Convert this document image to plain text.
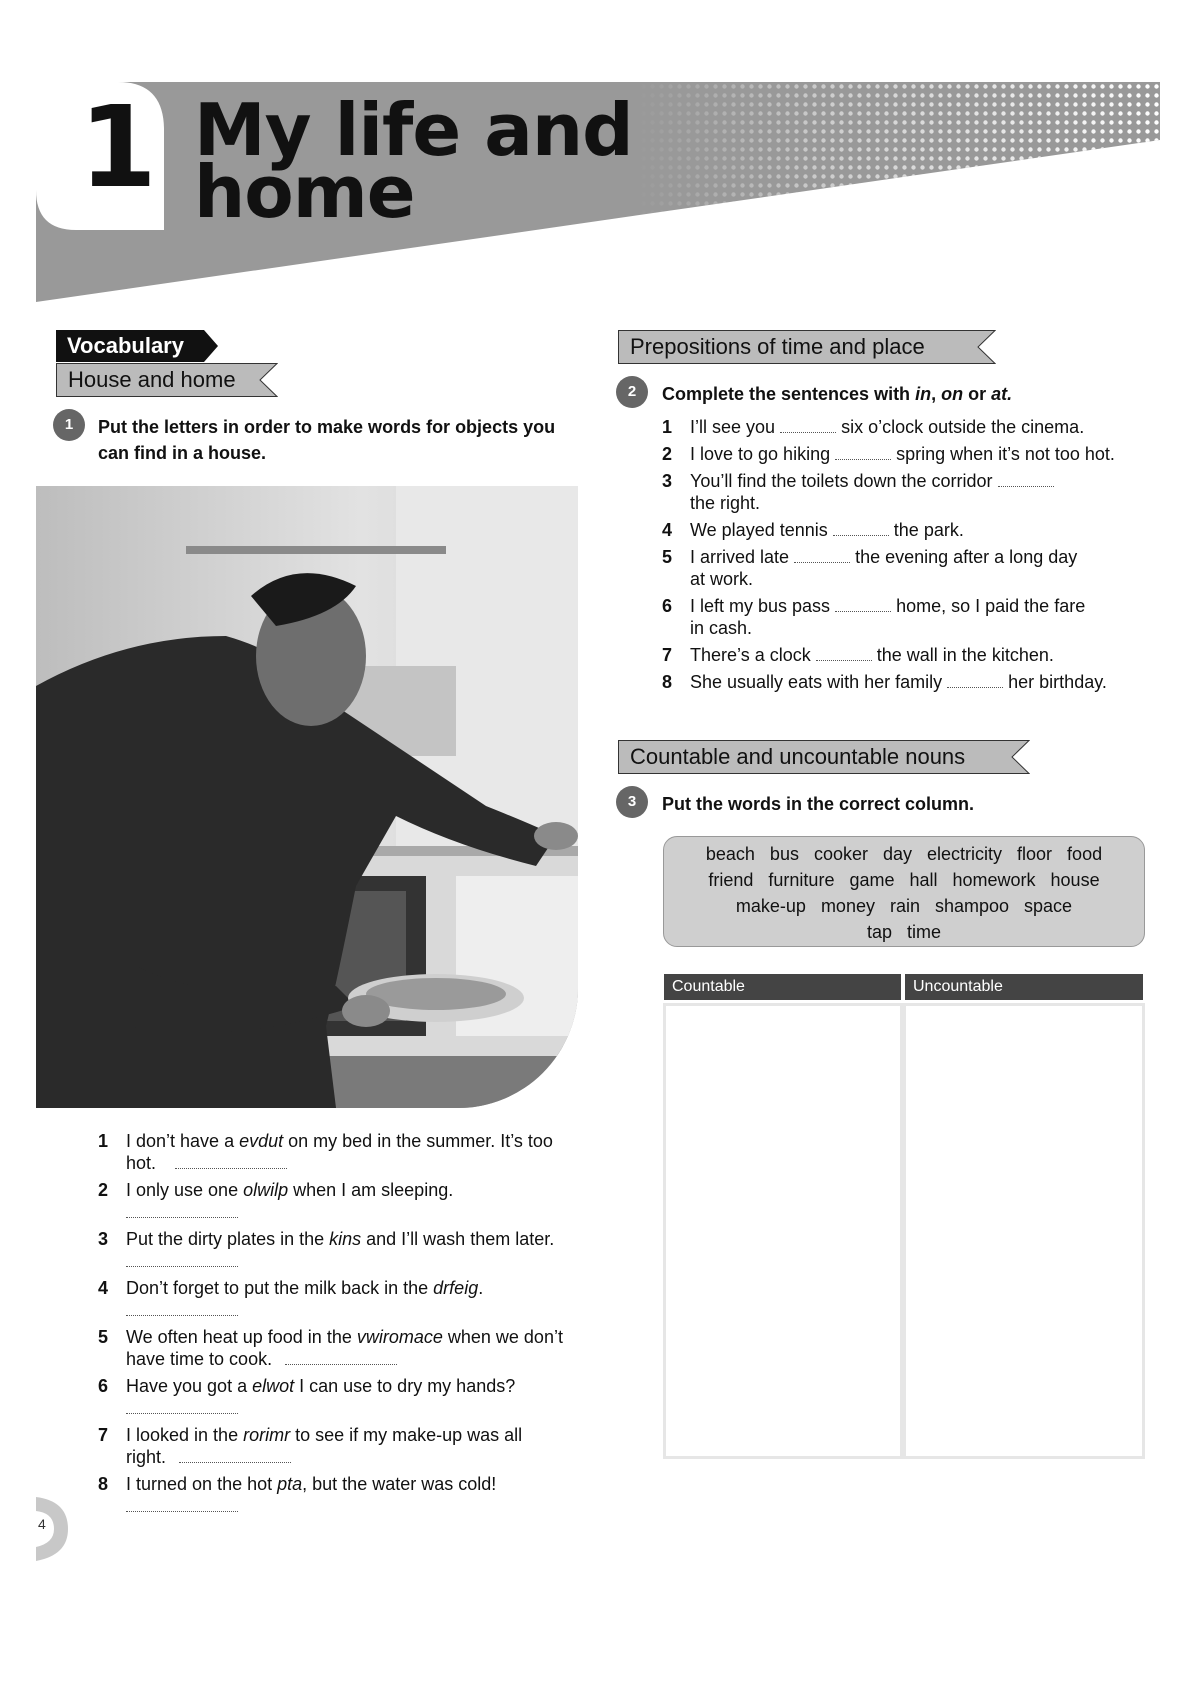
1 My life and
home
Vocabulary
House and home
1	Put the letters in order to make words for objects you
can find in a house.
1 I don’t have a evdut on my bed in the summer. It’s too
hot.
2 I only use one olwilp when I am sleeping.

3 Put the dirty plates in the kins and I’ll wash them later.

4 Don’t forget to put the milk back in the drfeig.

5 We often heat up food in the vwiromace when we don’t
have time to cook.
6 Have you got a elwot I can use to dry my hands?

7 I looked in the rorimr to see if my make-up was all
right.
8 I turned on the hot pta, but the water was cold!

4
Prepositions of time and place
2	Complete the sentences with in, on or at.
1 I’ll see you	six o’clock outside the cinema.
2 I love to go hiking	spring when it’s not too hot.
3 You’ll find the toilets down the corridor
the right.
4 We played tennis	the park.
5 I arrived late	the evening after a long day
at work.
6 I left my bus pass	home, so I paid the fare
in cash.
7 There’s a clock	the wall in the kitchen.
8 She usually eats with her family	her birthday.
Countable and uncountable nouns
3	Put the words in the correct column.
beach   bus   cooker   day   electricity   floor   food
friend   furniture   game   hall   homework   house
make-up   money   rain   shampoo   space
tap   time
Countable	Uncountable
